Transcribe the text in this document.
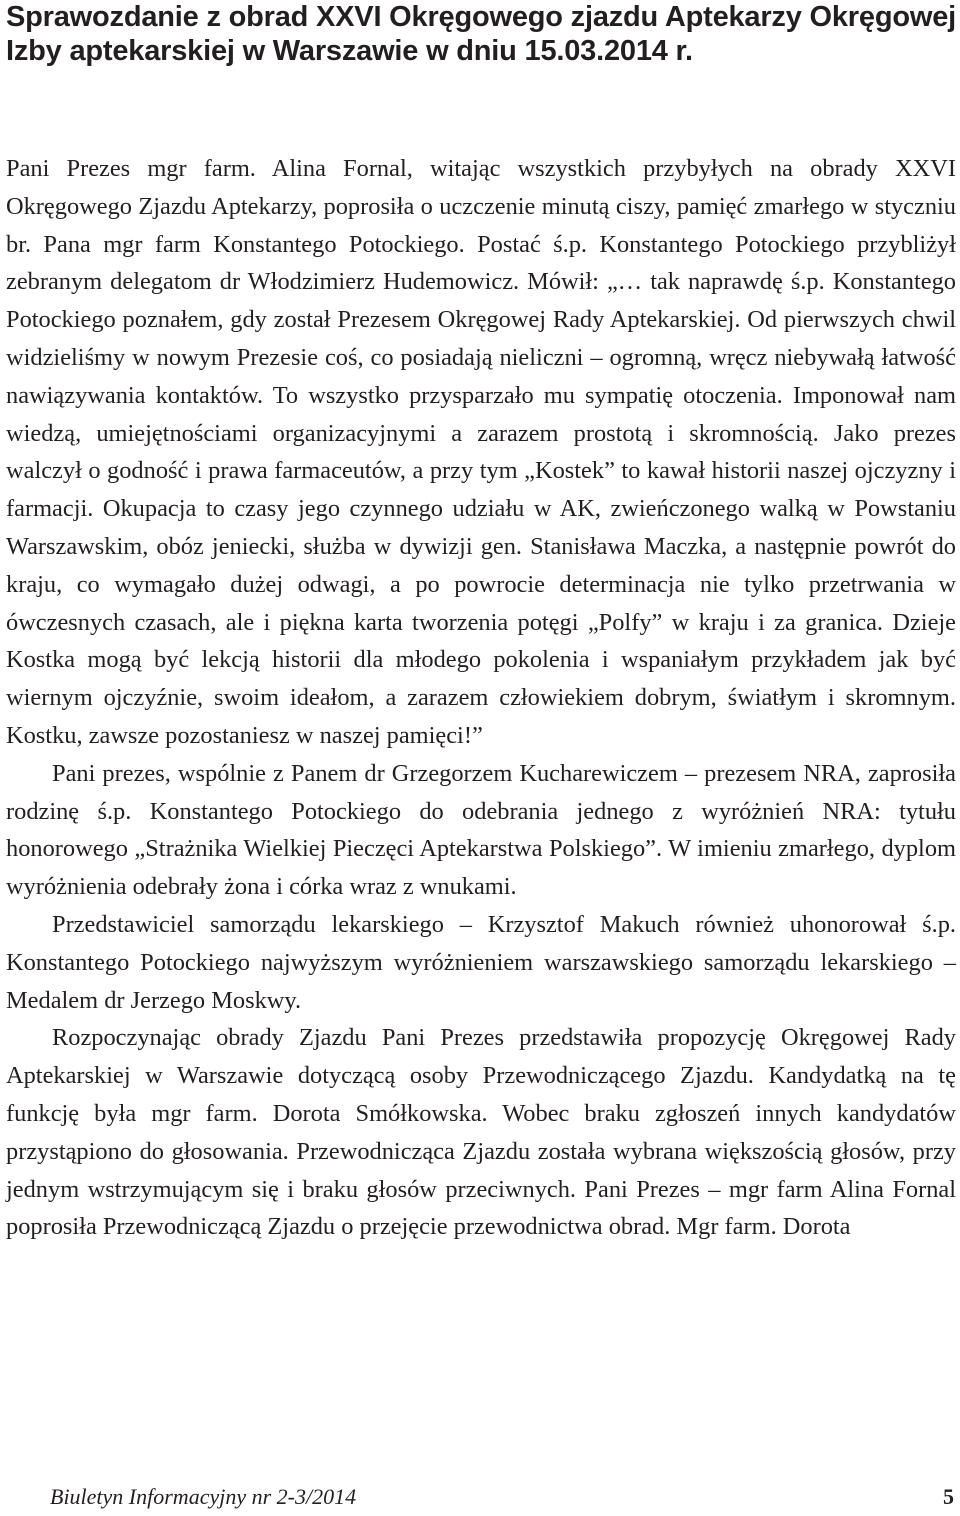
Sprawozdanie z obrad XXVI Okręgowego zjazdu Aptekarzy Okręgowej Izby aptekarskiej w Warszawie w dniu 15.03.2014 r.

Pani Prezes mgr farm. Alina Fornal, witając wszystkich przybyłych na obrady XXVI Okręgowego Zjazdu Aptekarzy, poprosiła o uczczenie minutą ciszy, pamięć zmarłego w styczniu br. Pana mgr farm Konstantego Potockiego. Postać ś.p. Konstantego Potockiego przybliżył zebranym delegatom dr Włodzimierz Hudemowicz. Mówił: „… tak naprawdę ś.p. Konstantego Potockiego poznałem, gdy został Prezesem Okręgowej Rady Aptekarskiej. Od pierwszych chwil widzieliśmy w nowym Prezesie coś, co posiadają nieliczni – ogromną, wręcz niebywałą łatwość nawiązywania kontaktów. To wszystko przysparzało mu sympatię otoczenia. Imponował nam wiedzą, umiejętnościami organizacyjnymi a zarazem prostotą i skromnością. Jako prezes walczył o godność i prawa farmaceutów, a przy tym „Kostek” to kawał historii naszej ojczyzny i farmacji. Okupacja to czasy jego czynnego udziału w AK, zwieńczonego walką w Powstaniu Warszawskim, obóz jeniecki, służba w dywizji gen. Stanisława Maczka, a następnie powrót do kraju, co wymagało dużej odwagi, a po powrocie determinacja nie tylko przetrwania w ówczesnych czasach, ale i piękna karta tworzenia potęgi „Polfy” w kraju i za granica. Dzieje Kostka mogą być lekcją historii dla młodego pokolenia i wspaniałym przykładem jak być wiernym ojczyźnie, swoim ideałom, a zarazem człowiekiem dobrym, światłym i skromnym. Kostku, zawsze pozostaniesz w naszej pamięci!”

Pani prezes, wspólnie z Panem dr Grzegorzem Kucharewiczem – prezesem NRA, zaprosiła rodzinę ś.p. Konstantego Potockiego do odebrania jednego z wyróżnień NRA: tytułu honorowego „Strażnika Wielkiej Pieczęci Aptekarstwa Polskiego”. W imieniu zmarłego, dyplom wyróżnienia odebrały żona i córka wraz z wnukami.

Przedstawiciel samorządu lekarskiego – Krzysztof Makuch również uhonorował ś.p. Konstantego Potockiego najwyższym wyróżnieniem warszawskiego samorządu lekarskiego – Medalem dr Jerzego Moskwy.

Rozpoczynając obrady Zjazdu Pani Prezes przedstawiła propozycję Okręgowej Rady Aptekarskiej w Warszawie dotyczącą osoby Przewodniczącego Zjazdu. Kandydatką na tę funkcję była mgr farm. Dorota Smółkowska. Wobec braku zgłoszeń innych kandydatów przystąpiono do głosowania. Przewodnicząca Zjazdu została wybrana większością głosów, przy jednym wstrzymującym się i braku głosów przeciwnych. Pani Prezes – mgr farm Alina Fornal poprosiła Przewodniczącą Zjazdu o przejęcie przewodnictwa obrad. Mgr farm. Dorota

Biuletyn Informacyjny nr 2-3/2014	5
